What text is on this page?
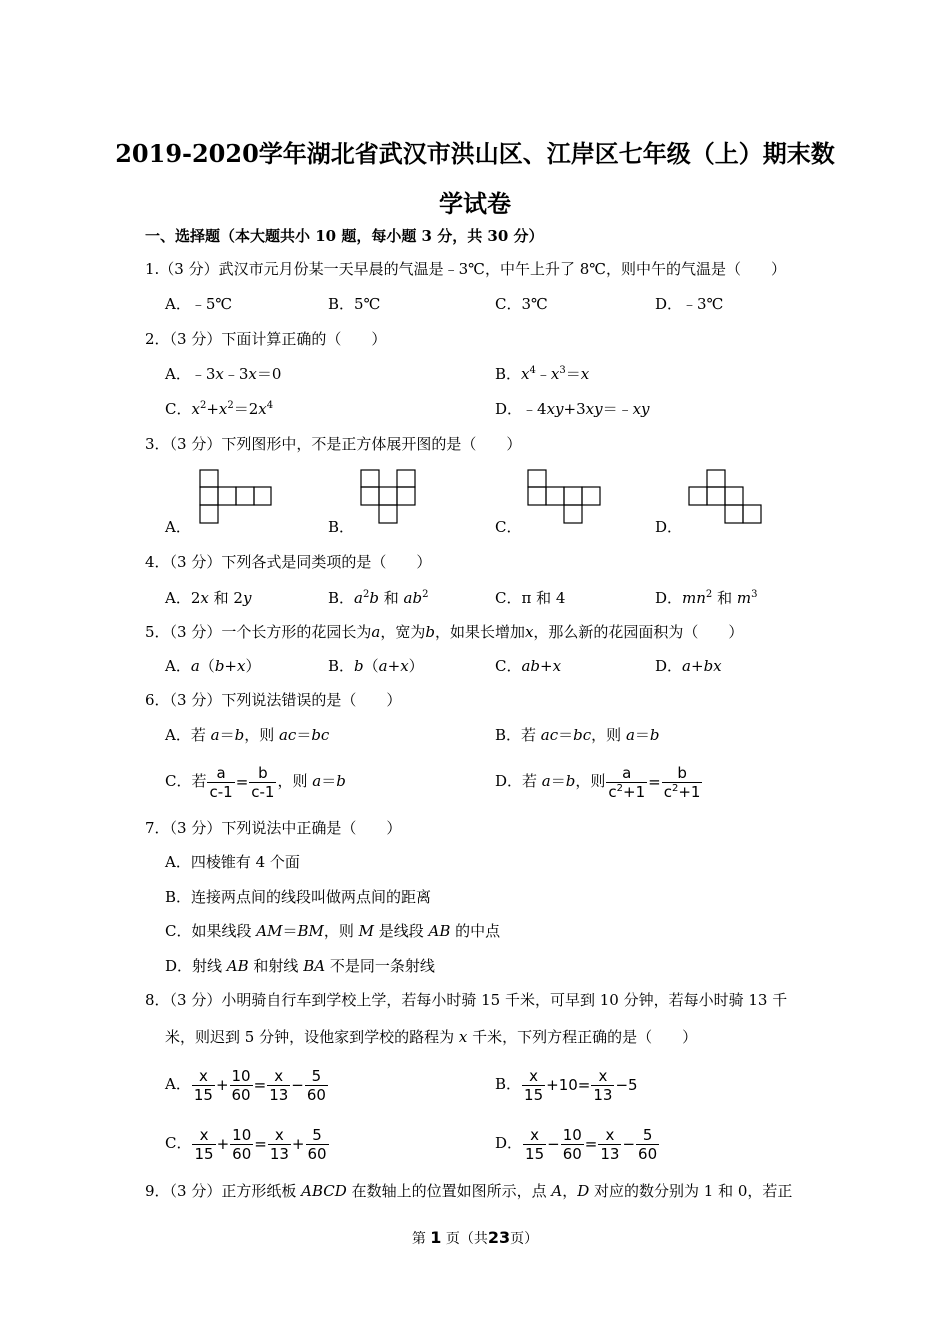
2019-2020学年湖北省武汉市洪山区、江岸区七年级（上）期末数
学试卷
一、选择题（本大题共小 10 题，每小题 3 分，共 30 分）
1.（3 分）武汉市元月份某一天早晨的气温是﹣3℃，中午上升了 8℃，则中午的气温是（　　）
A．﹣5℃	B．5℃	C．3℃	D．﹣3℃
2．（3 分）下面计算正确的（　　）
A．﹣3x﹣3x＝0	B．$x^4﹣x^3=x$
C．$x^2+x^2=2x^4$	D．﹣4xy+3xy＝﹣xy
3．（3 分）下列图形中，不是正方体展开图的是（　　）
A．	B．	C．	D．
4．（3 分）下列各式是同类项的是（　　）
A．2x 和 2y	B．$a^2b$ 和 $ab^2$	C．π 和 4	D．$mn^2$ 和 $m^3$
5．（3 分）一个长方形的花园长为a，宽为b，如果长增加x，那么新的花园面积为（　　）
A．a（b+x）	B．b（a+x）	C．ab+x	D．a+bx
6．（3 分）下列说法错误的是（　　）
A．若 a＝b，则 ac＝bc	B．若 ac＝bc，则 a＝b
C．若 $\frac{a}{c-1} = \frac{b}{c-1}$ ，则 a＝b	D．若 a＝b，则 $\frac{a}{c^2+1} = \frac{b}{c^2+1}$
7．（3 分）下列说法中正确是（　　）
A．四棱锥有 4 个面
B．连接两点间的线段叫做两点间的距离
C．如果线段 AM＝BM，则 M 是线段 AB 的中点
D．射线 AB 和射线 BA 不是同一条射线
8．（3 分）小明骑自行车到学校上学，若每小时骑 15 千米，可早到 10 分钟，若每小时骑 13 千
米，则迟到 5 分钟，设他家到学校的路程为 x 千米，下列方程正确的是（　　）
A． $\frac{x}{15} + \frac{10}{60} = \frac{x}{13} - \frac{5}{60}$	B． $\frac{x}{15} +10= \frac{x}{13} -5$
C． $\frac{x}{15} + \frac{10}{60} = \frac{x}{13} + \frac{5}{60}$	D． $\frac{x}{15} - \frac{10}{60} = \frac{x}{13} - \frac{5}{60}$
9．（3 分）正方形纸板 ABCD 在数轴上的位置如图所示，点 A，D 对应的数分别为 1 和 0，若正
第 1 页（共23页）
